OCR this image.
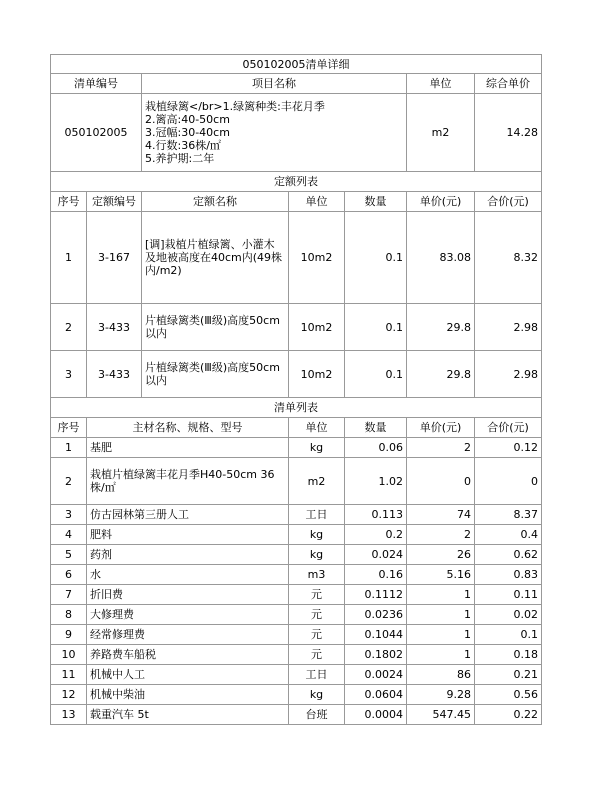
050102005清单详细						
清单编号		项目名称			单位	综合单价
050102005		栽植绿篱</br>1.绿篱种类:丰花月季
2.篱高:40-50cm
3.冠幅:30-40cm
4.行数:36株/㎡
5.养护期:二年			m2	14.28
定额列表						
序号	定额编号	定额名称	单位	数量	单价(元)	合价(元)
1	3-167	[调]栽植片植绿篱、小灌木及地被高度在40cm内(49株内/m2)	10m2	0.1	83.08	8.32
2	3-433	片植绿篱类(Ⅲ级)高度50cm以内	10m2	0.1	29.8	2.98
3	3-433	片植绿篱类(Ⅲ级)高度50cm以内	10m2	0.1	29.8	2.98
清单列表						
序号	主材名称、规格、型号		单位	数量	单价(元)	合价(元)
1	基肥		kg	0.06	2	0.12
2	栽植片植绿篱丰花月季H40-50cm 36株/㎡		m2	1.02	0	0
3	仿古园林第三册人工		工日	0.113	74	8.37
4	肥料		kg	0.2	2	0.4
5	药剂		kg	0.024	26	0.62
6	水		m3	0.16	5.16	0.83
7	折旧费		元	0.1112	1	0.11
8	大修理费		元	0.0236	1	0.02
9	经常修理费		元	0.1044	1	0.1
10	养路费车船税		元	0.1802	1	0.18
11	机械中人工		工日	0.0024	86	0.21
12	机械中柴油		kg	0.0604	9.28	0.56
13	载重汽车 5t		台班	0.0004	547.45	0.22
